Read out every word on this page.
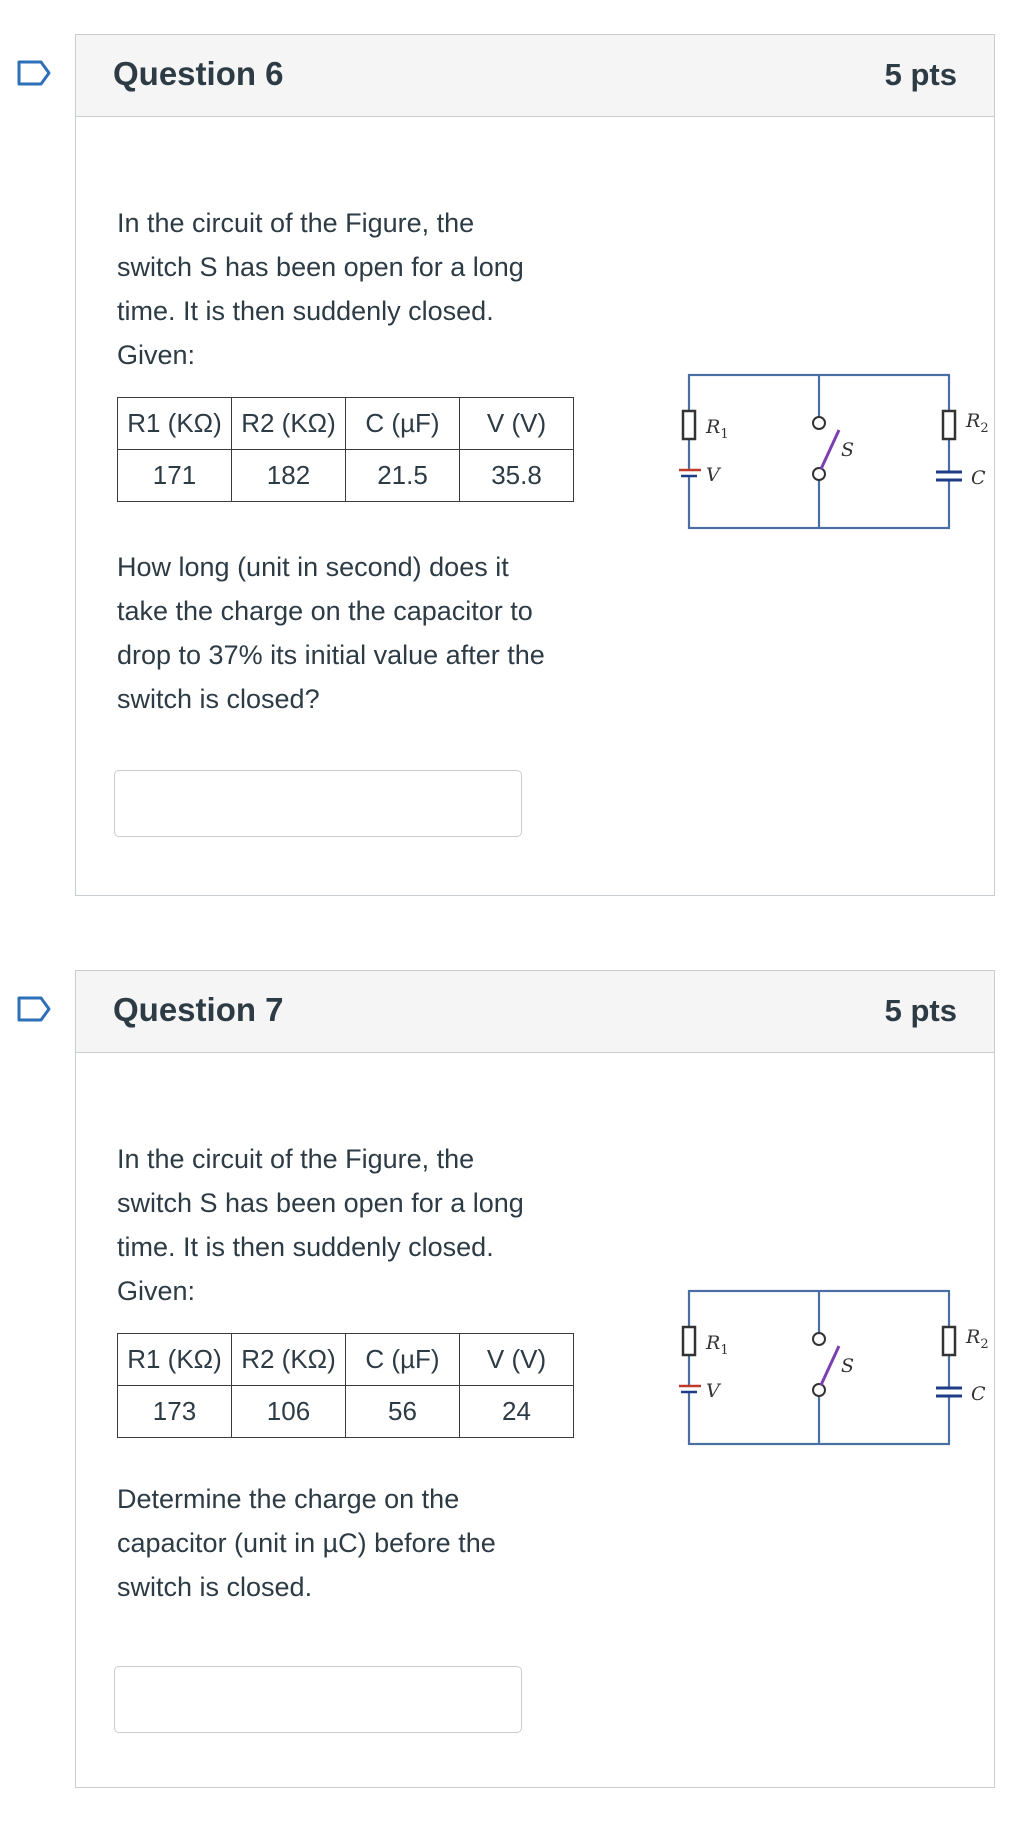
Question 6	5 pts
In the circuit of the Figure, the
switch S has been open for a long
time. It is then suddenly closed.
Given:
R1 (KΩ)	R2 (KΩ)	C (µF)	V (V)
171	182	21.5	35.8
$R_1$
V
S
$R_2$
C
How long (unit in second) does it
take the charge on the capacitor to
drop to 37% its initial value after the
switch is closed?
Question 7	5 pts
In the circuit of the Figure, the
switch S has been open for a long
time. It is then suddenly closed.
Given:
R1 (KΩ)	R2 (KΩ)	C (µF)	V (V)
173	106	56	24
$R_1$
V
S
$R_2$
C
Determine the charge on the
capacitor (unit in µC) before the
switch is closed.
